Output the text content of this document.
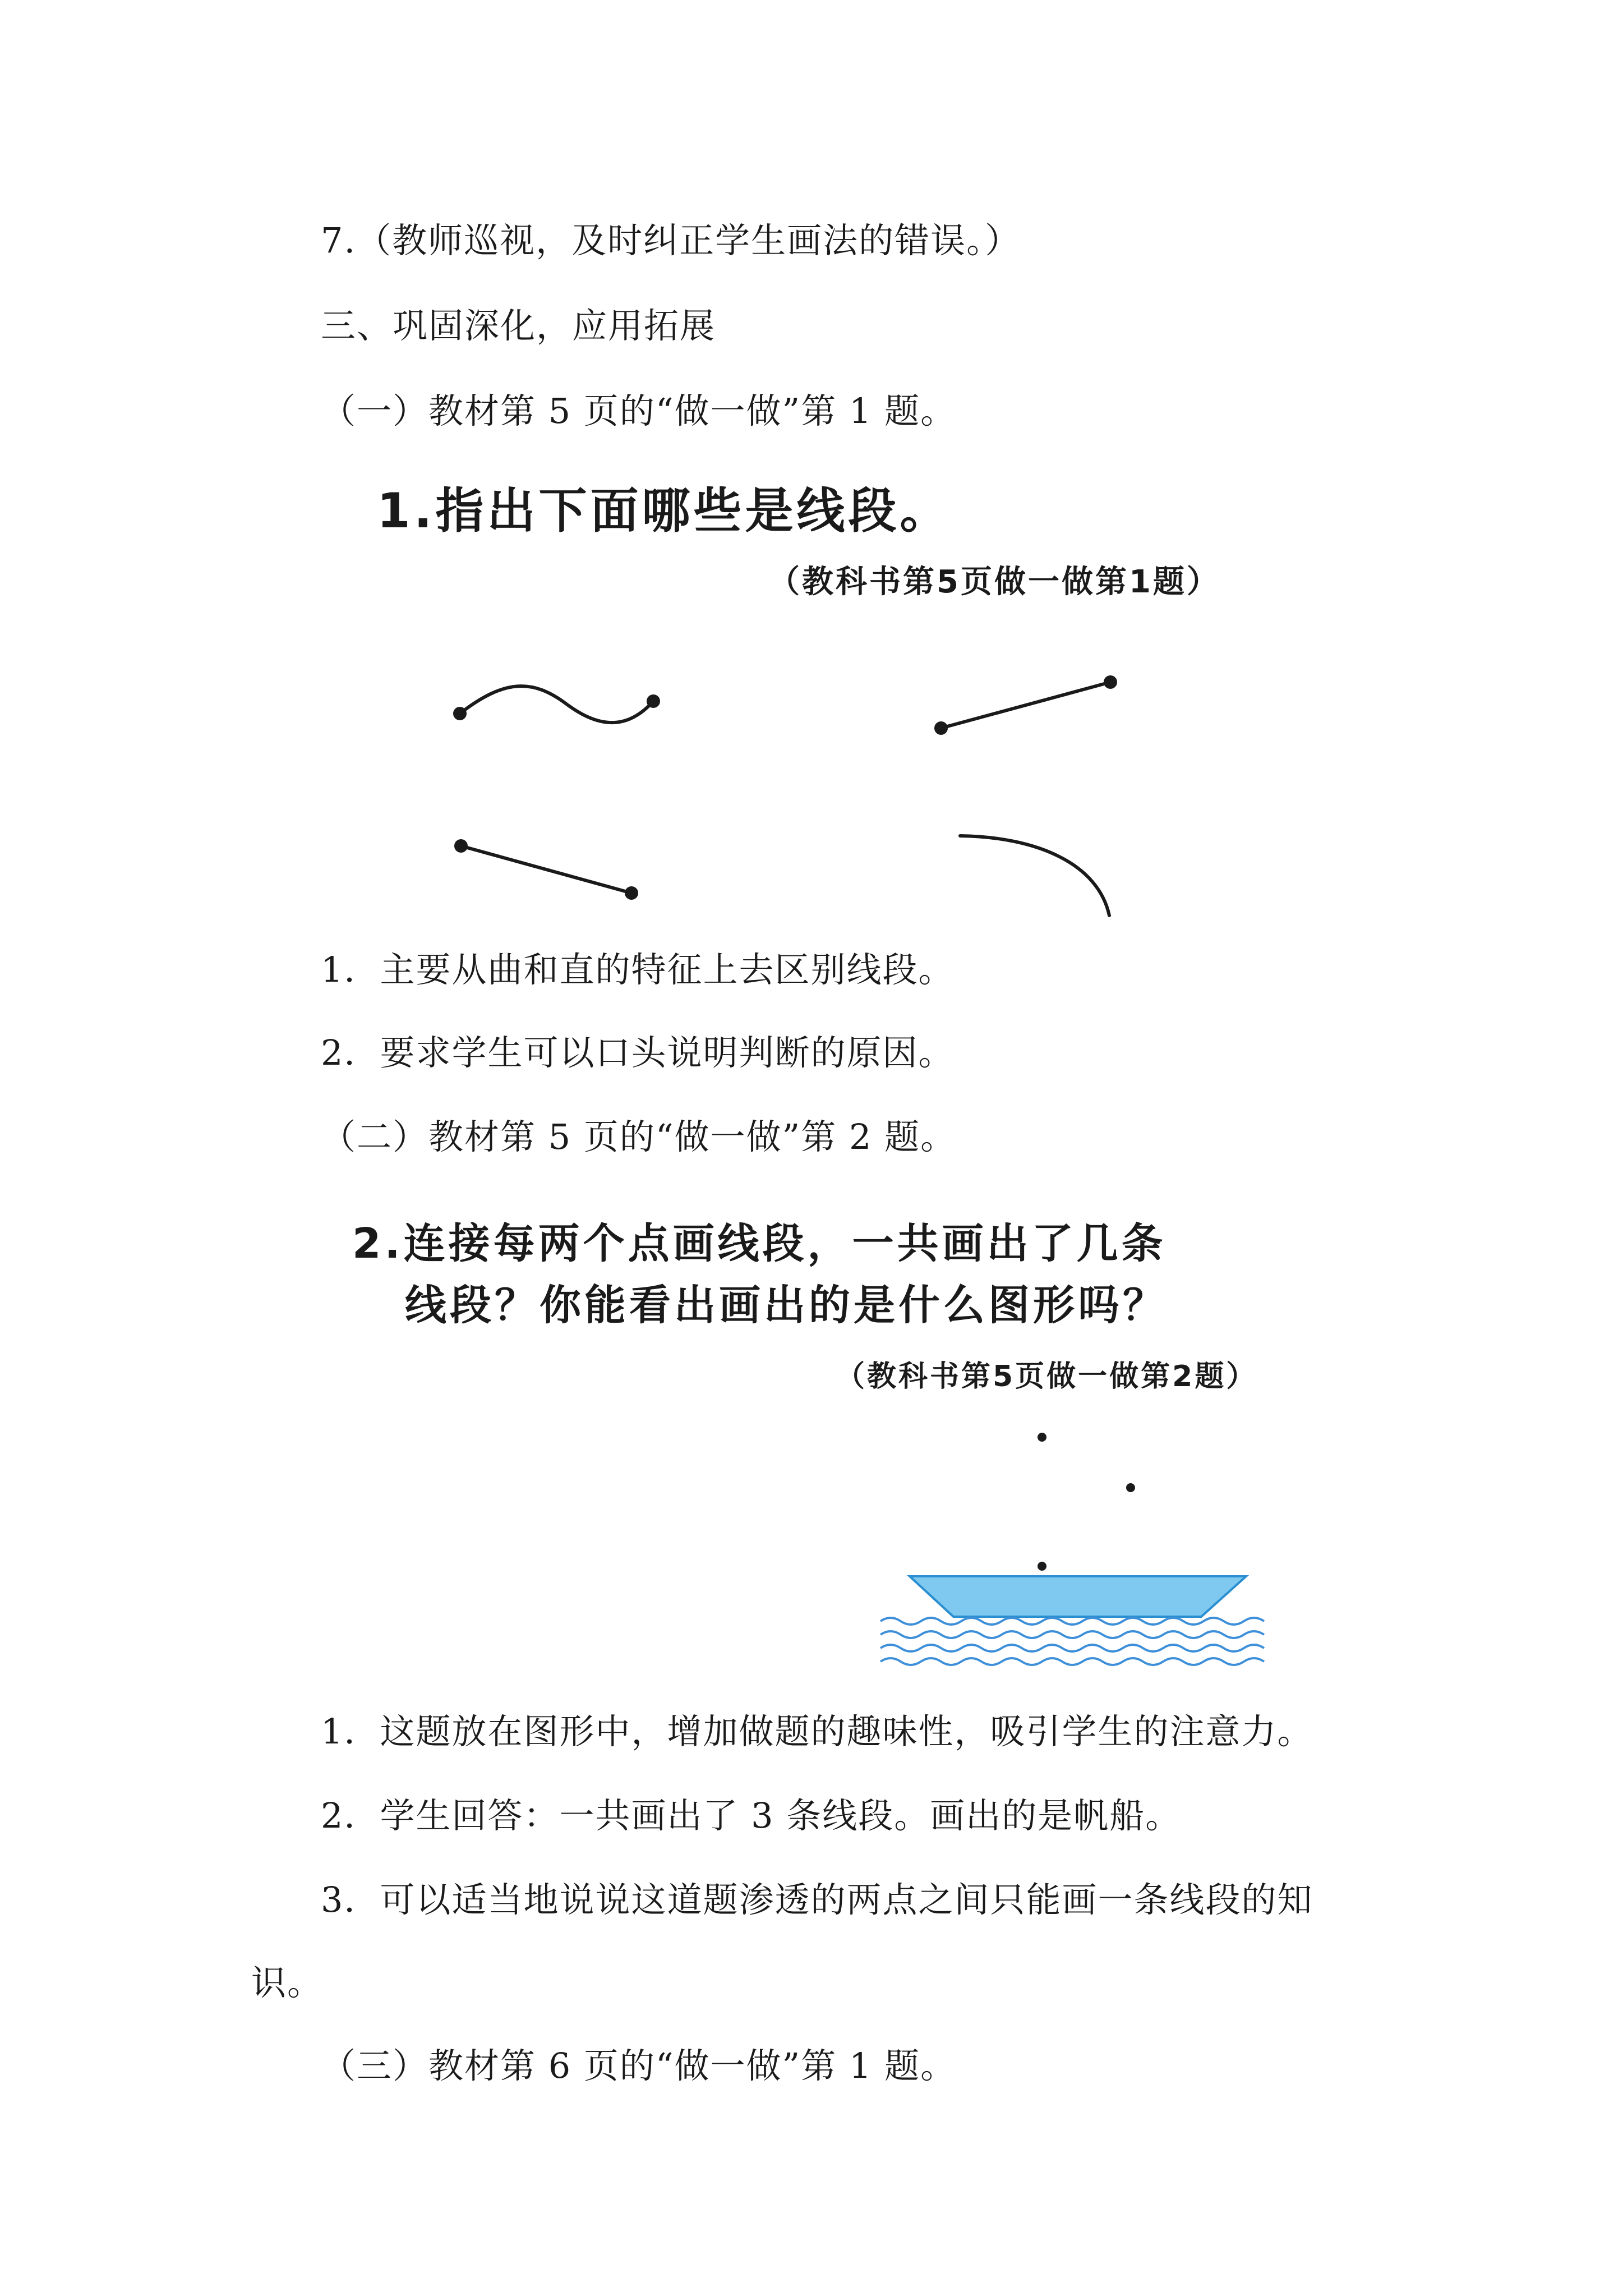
7.（教师巡视，及时纠正学生画法的错误。）
三、巩固深化，应用拓展
（一）教材第 5 页的“做一做”第 1 题。
1.指出下面哪些是线段。
（教科书第5页做一做第1题）
1．主要从曲和直的特征上去区别线段。
2．要求学生可以口头说明判断的原因。
（二）教材第 5 页的“做一做”第 2 题。
2.连接每两个点画线段，一共画出了几条
线段？你能看出画出的是什么图形吗？
（教科书第5页做一做第2题）
1．这题放在图形中，增加做题的趣味性，吸引学生的注意力。
2．学生回答：一共画出了 3 条线段。画出的是帆船。
3．可以适当地说说这道题渗透的两点之间只能画一条线段的知
识。
（三）教材第 6 页的“做一做”第 1 题。
